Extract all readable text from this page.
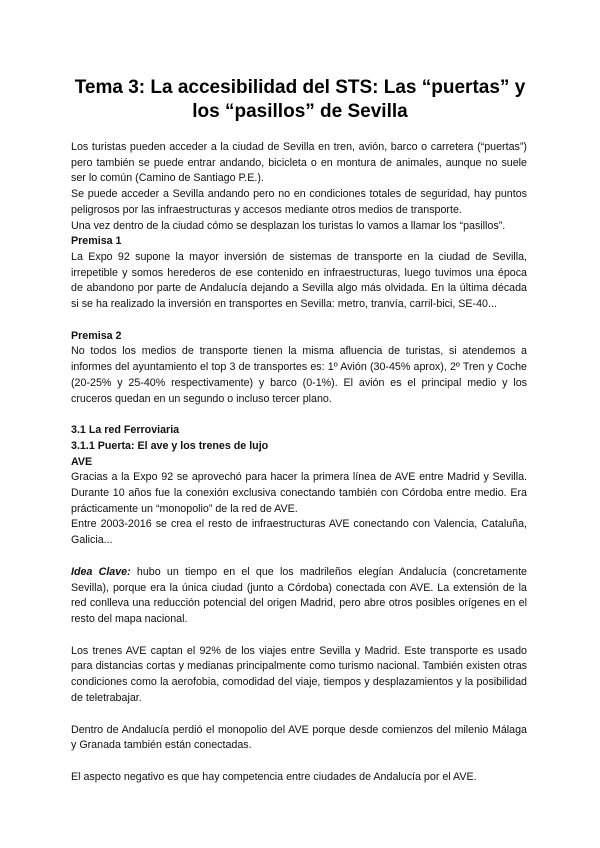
Tema 3: La accesibilidad del STS: Las “puertas” y los “pasillos” de Sevilla

Los turistas pueden acceder a la ciudad de Sevilla en tren, avión, barco o carretera (“puertas”) pero también se puede entrar andando, bicicleta o en montura de animales, aunque no suele ser lo común (Camino de Santiago P.E.).

Se puede acceder a Sevilla andando pero no en condiciones totales de seguridad, hay puntos peligrosos por las infraestructuras y accesos mediante otros medios de transporte.

Una vez dentro de la ciudad cómo se desplazan los turistas lo vamos a llamar los “pasillos”.

Premisa 1

La Expo 92 supone la mayor inversión de sistemas de transporte en la ciudad de Sevilla, irrepetible y somos herederos de ese contenido en infraestructuras, luego tuvimos una época de abandono por parte de Andalucía dejando a Sevilla algo más olvidada. En la última década si se ha realizado la inversión en transportes en Sevilla: metro, tranvía, carril-bici, SE-40...

Premisa 2

No todos los medios de transporte tienen la misma afluencia de turistas, si atendemos a informes del ayuntamiento el top 3 de transportes es: 1º Avión (30-45% aprox), 2º Tren y Coche (20-25% y 25-40% respectivamente) y barco (0-1%). El avión es el principal medio y los cruceros quedan en un segundo o incluso tercer plano.

3.1 La red Ferroviaria

3.1.1 Puerta: El ave y los trenes de lujo

AVE

Gracias a la Expo 92 se aprovechó para hacer la primera línea de AVE entre Madrid y Sevilla. Durante 10 años fue la conexión exclusiva conectando también con Córdoba entre medio. Era prácticamente un “monopolio” de la red de AVE.

Entre 2003-2016 se crea el resto de infraestructuras AVE conectando con Valencia, Cataluña, Galicia...

Idea Clave: hubo un tiempo en el que los madrileños elegían Andalucía (concretamente Sevilla), porque era la única ciudad (junto a Córdoba) conectada con AVE. La extensión de la red conlleva una reducción potencial del origen Madrid, pero abre otros posibles orígenes en el resto del mapa nacional.

Los trenes AVE captan el 92% de los viajes entre Sevilla y Madrid. Este transporte es usado para distancias cortas y medianas principalmente como turismo nacional. También existen otras condiciones como la aerofobia, comodidad del viaje, tiempos y desplazamientos y la posibilidad de teletrabajar.

Dentro de Andalucía perdió el monopolio del AVE porque desde comienzos del milenio Málaga y Granada también están conectadas.

El aspecto negativo es que hay competencia entre ciudades de Andalucía por el AVE.
